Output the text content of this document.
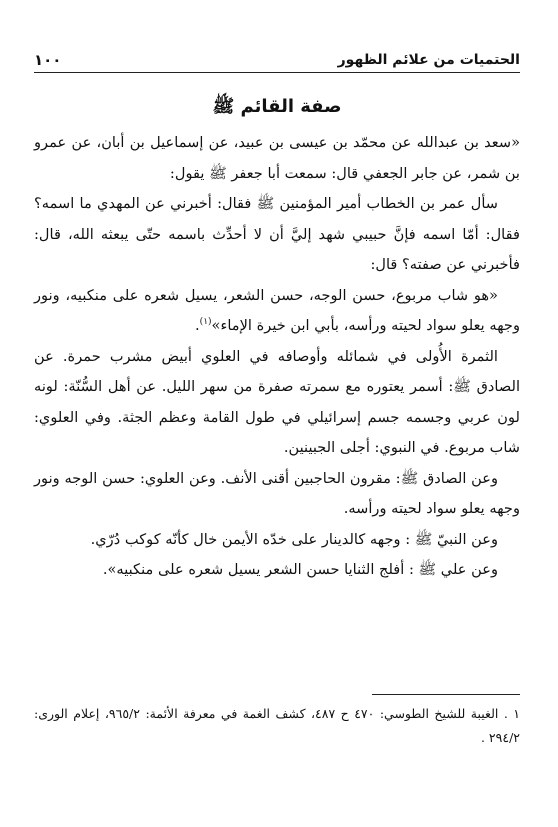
الحتميات من علائم الظهور
١٠٠
صفة القائم ﷺ

«سعد بن عبدالله عن محمّد بن عيسى بن عبيد، عن إسماعيل بن أبان، عن عمرو بن شمر، عن جابر الجعفي قال: سمعت أبا جعفر ﷺ يقول:

سأل عمر بن الخطاب أمير المؤمنين ﷺ فقال: أخبرني عن المهدي ما اسمه؟ فقال: أمّا اسمه فإنَّ حبيبي شهد إليَّ أن لا أحدِّث باسمه حتّى يبعثه الله، قال: فأخبرني عن صفته؟ قال:

«هو شاب مربوع، حسن الوجه، حسن الشعر، يسيل شعره على منكبيه، ونور وجهه يعلو سواد لحيته ورأسه، بأبي ابن خيرة الإماء»$^{(١)}$.

الثمرة الأُولى في شمائله وأوصافه في العلوي أبيض مشرب حمرة. عن الصادق ﷺ: أسمر يعتوره مع سمرته صفرة من سهر الليل. عن أهل السُّنّة: لونه لون عربي وجسمه جسم إسرائيلي في طول القامة وعظم الجثة. وفي العلوي: شاب مربوع. في النبوي: أجلى الجبينين.

وعن الصادق ﷺ: مقرون الحاجبين أقنى الأنف. وعن العلوي: حسن الوجه ونور وجهه يعلو سواد لحيته ورأسه.

وعن النبيّ ﷺ : وجهه كالدينار على خدّه الأيمن خال كأنّه كوكب دُرّي.

وعن علي ﷺ : أفلج الثنايا حسن الشعر يسيل شعره على منكبيه».

١ . الغيبة للشيخ الطوسي: ٤٧٠ ح ٤٨٧، كشف الغمة في معرفة الأئمة: ٩٦٥/٢، إعلام الورى: ٢٩٤/٢ .
